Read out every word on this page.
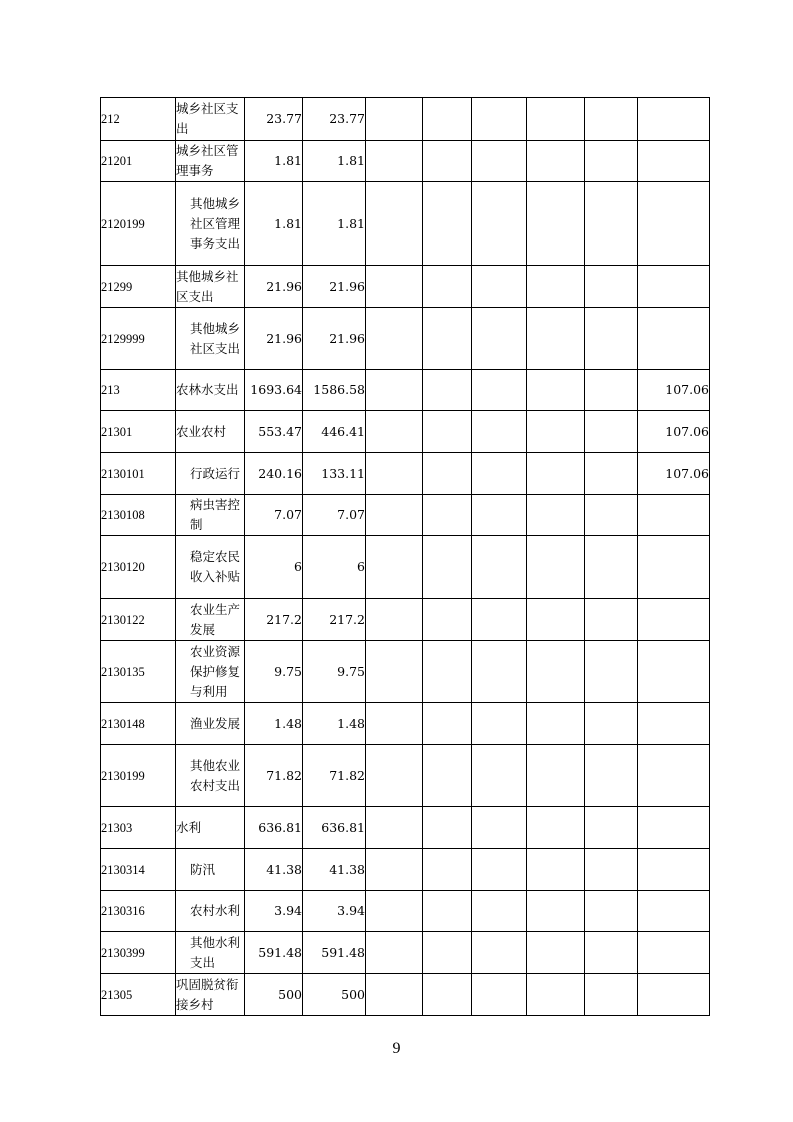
212	城乡社区支出	23.77	23.77						
21201	城乡社区管理事务	1.81	1.81						
2120199	其他城乡社区管理事务支出	1.81	1.81						
21299	其他城乡社区支出	21.96	21.96						
2129999	其他城乡社区支出	21.96	21.96						
213	农林水支出	1693.64	1586.58						107.06
21301	农业农村	553.47	446.41						107.06
2130101	行政运行	240.16	133.11						107.06
2130108	病虫害控制	7.07	7.07						
2130120	稳定农民收入补贴	6	6						
2130122	农业生产发展	217.2	217.2						
2130135	农业资源保护修复与利用	9.75	9.75						
2130148	渔业发展	1.48	1.48						
2130199	其他农业农村支出	71.82	71.82						
21303	水利	636.81	636.81						
2130314	防汛	41.38	41.38						
2130316	农村水利	3.94	3.94						
2130399	其他水利支出	591.48	591.48						
21305	巩固脱贫衔接乡村	500	500						
9
